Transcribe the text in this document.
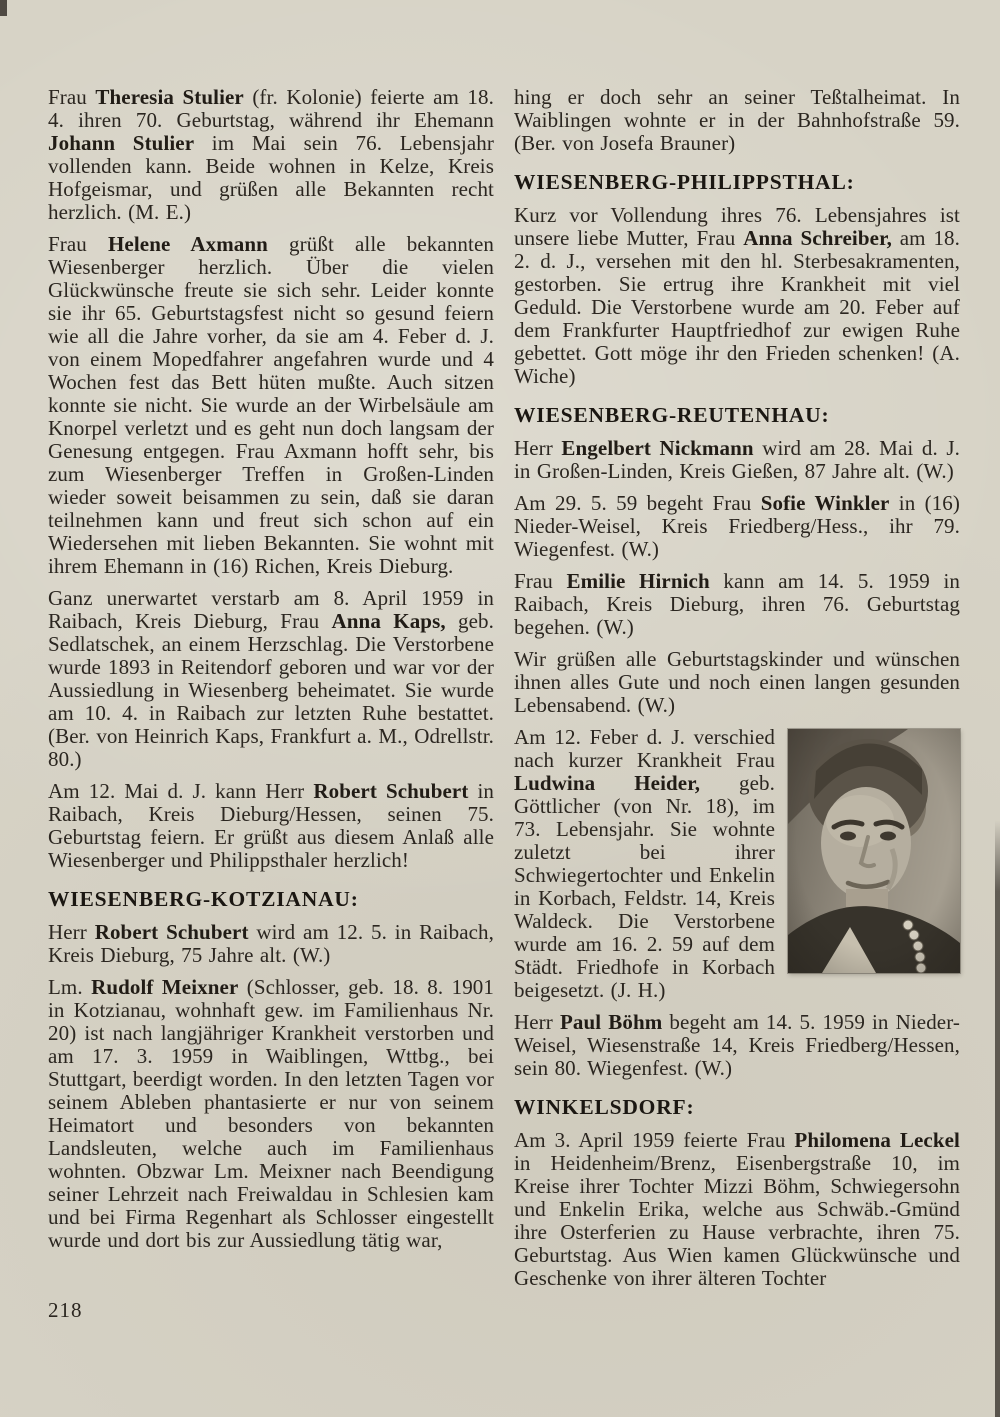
Frau Theresia Stulier (fr. Kolonie) feierte am 18. 4. ihren 70. Geburtstag, während ihr Ehemann Johann Stulier im Mai sein 76. Lebensjahr vollenden kann. Beide wohnen in Kelze, Kreis Hofgeismar, und grüßen alle Bekannten recht herzlich. (M. E.)

Frau Helene Axmann grüßt alle bekannten Wiesenberger herzlich. Über die vielen Glückwünsche freute sie sich sehr. Leider konnte sie ihr 65. Geburtstagsfest nicht so gesund feiern wie all die Jahre vorher, da sie am 4. Feber d. J. von einem Mopedfahrer angefahren wurde und 4 Wochen fest das Bett hüten mußte. Auch sitzen konnte sie nicht. Sie wurde an der Wirbelsäule am Knorpel verletzt und es geht nun doch langsam der Genesung entgegen. Frau Axmann hofft sehr, bis zum Wiesenberger Treffen in Großen-Linden wieder soweit beisammen zu sein, daß sie daran teilnehmen kann und freut sich schon auf ein Wiedersehen mit lieben Bekannten. Sie wohnt mit ihrem Ehemann in (16) Richen, Kreis Dieburg.

Ganz unerwartet verstarb am 8. April 1959 in Raibach, Kreis Dieburg, Frau Anna Kaps, geb. Sedlatschek, an einem Herzschlag. Die Verstorbene wurde 1893 in Reitendorf geboren und war vor der Aussiedlung in Wiesenberg beheimatet. Sie wurde am 10. 4. in Raibach zur letzten Ruhe bestattet. (Ber. von Heinrich Kaps, Frankfurt a. M., Odrellstr. 80.)

Am 12. Mai d. J. kann Herr Robert Schubert in Raibach, Kreis Dieburg/Hessen, seinen 75. Geburtstag feiern. Er grüßt aus diesem Anlaß alle Wiesenberger und Philippsthaler herzlich!

WIESENBERG-KOTZIANAU:

Herr Robert Schubert wird am 12. 5. in Raibach, Kreis Dieburg, 75 Jahre alt. (W.)

Lm. Rudolf Meixner (Schlosser, geb. 18. 8. 1901 in Kotzianau, wohnhaft gew. im Familienhaus Nr. 20) ist nach langjähriger Krankheit verstorben und am 17. 3. 1959 in Waiblingen, Wttbg., bei Stuttgart, beerdigt worden. In den letzten Tagen vor seinem Ableben phantasierte er nur von seinem Heimatort und besonders von bekannten Landsleuten, welche auch im Familienhaus wohnten. Obzwar Lm. Meixner nach Beendigung seiner Lehrzeit nach Freiwaldau in Schlesien kam und bei Firma Regenhart als Schlosser eingestellt wurde und dort bis zur Aussiedlung tätig war,

hing er doch sehr an seiner Teßtalheimat. In Waiblingen wohnte er in der Bahnhofstraße 59. (Ber. von Josefa Brauner)

WIESENBERG-PHILIPPSTHAL:

Kurz vor Vollendung ihres 76. Lebensjahres ist unsere liebe Mutter, Frau Anna Schreiber, am 18. 2. d. J., versehen mit den hl. Sterbesakramenten, gestorben. Sie ertrug ihre Krankheit mit viel Geduld. Die Verstorbene wurde am 20. Feber auf dem Frankfurter Hauptfriedhof zur ewigen Ruhe gebettet. Gott möge ihr den Frieden schenken! (A. Wiche)

WIESENBERG-REUTENHAU:

Herr Engelbert Nickmann wird am 28. Mai d. J. in Großen-Linden, Kreis Gießen, 87 Jahre alt. (W.)

Am 29. 5. 59 begeht Frau Sofie Winkler in (16) Nieder-Weisel, Kreis Friedberg/Hess., ihr 79. Wiegenfest. (W.)

Frau Emilie Hirnich kann am 14. 5. 1959 in Raibach, Kreis Dieburg, ihren 76. Geburtstag begehen. (W.)

Wir grüßen alle Geburtstagskinder und wünschen ihnen alles Gute und noch einen langen gesunden Lebensabend. (W.)

Am 12. Feber d. J. verschied nach kurzer Krankheit Frau Ludwina Heider, geb. Göttlicher (von Nr. 18), im 73. Lebensjahr. Sie wohnte zuletzt bei ihrer Schwiegertochter und Enkelin in Korbach, Feldstr. 14, Kreis Waldeck. Die Verstorbene wurde am 16. 2. 59 auf dem Städt. Friedhofe in Korbach beigesetzt. (J. H.)

Herr Paul Böhm begeht am 14. 5. 1959 in Nieder-Weisel, Wiesenstraße 14, Kreis Friedberg/Hessen, sein 80. Wiegenfest. (W.)

WINKELSDORF:

Am 3. April 1959 feierte Frau Philomena Leckel in Heidenheim/Brenz, Eisenbergstraße 10, im Kreise ihrer Tochter Mizzi Böhm, Schwiegersohn und Enkelin Erika, welche aus Schwäb.-Gmünd ihre Osterferien zu Hause verbrachte, ihren 75. Geburtstag. Aus Wien kamen Glückwünsche und Geschenke von ihrer älteren Tochter

218
